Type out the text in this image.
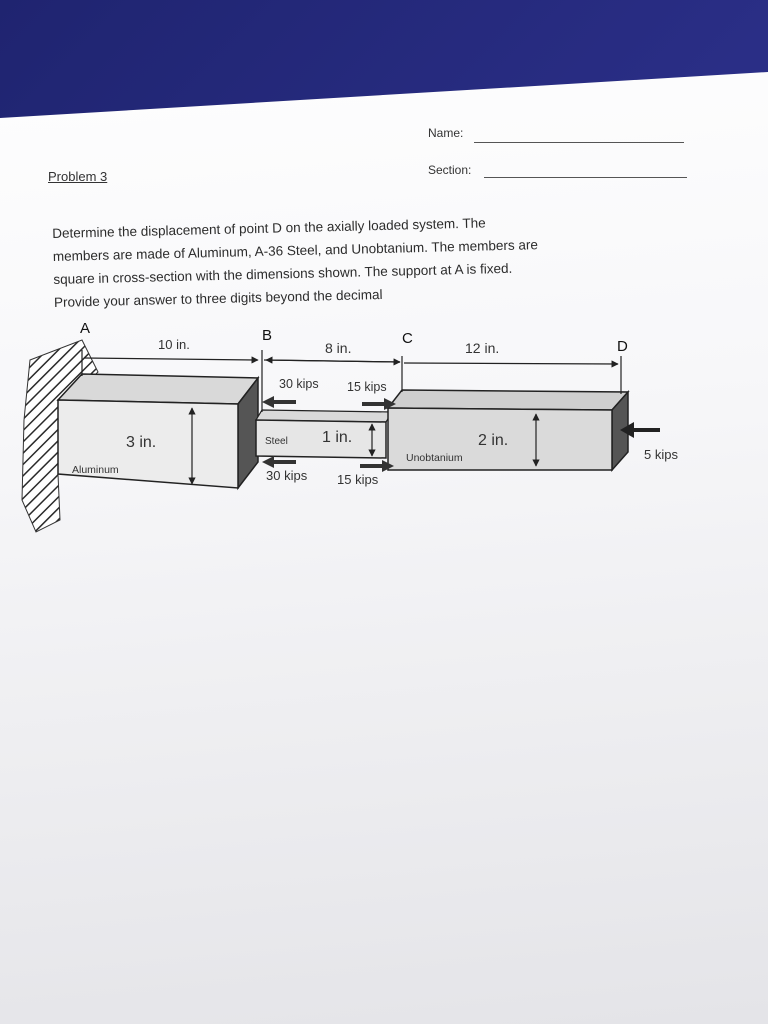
Name:
Section:
Problem 3
Determine the displacement of point D on the axially loaded system. The
members are made of Aluminum, A-36 Steel, and Unobtanium. The members are
square in cross-section with the dimensions shown. The support at A is fixed.
Provide your answer to three digits beyond the decimal
A	B	C	D
10 in.	8 in.	12 in.
3 in.	1 in.	2 in.
Aluminum
Steel
Unobtanium
30 kips 15 kips
30 kips 15 kips
5 kips
